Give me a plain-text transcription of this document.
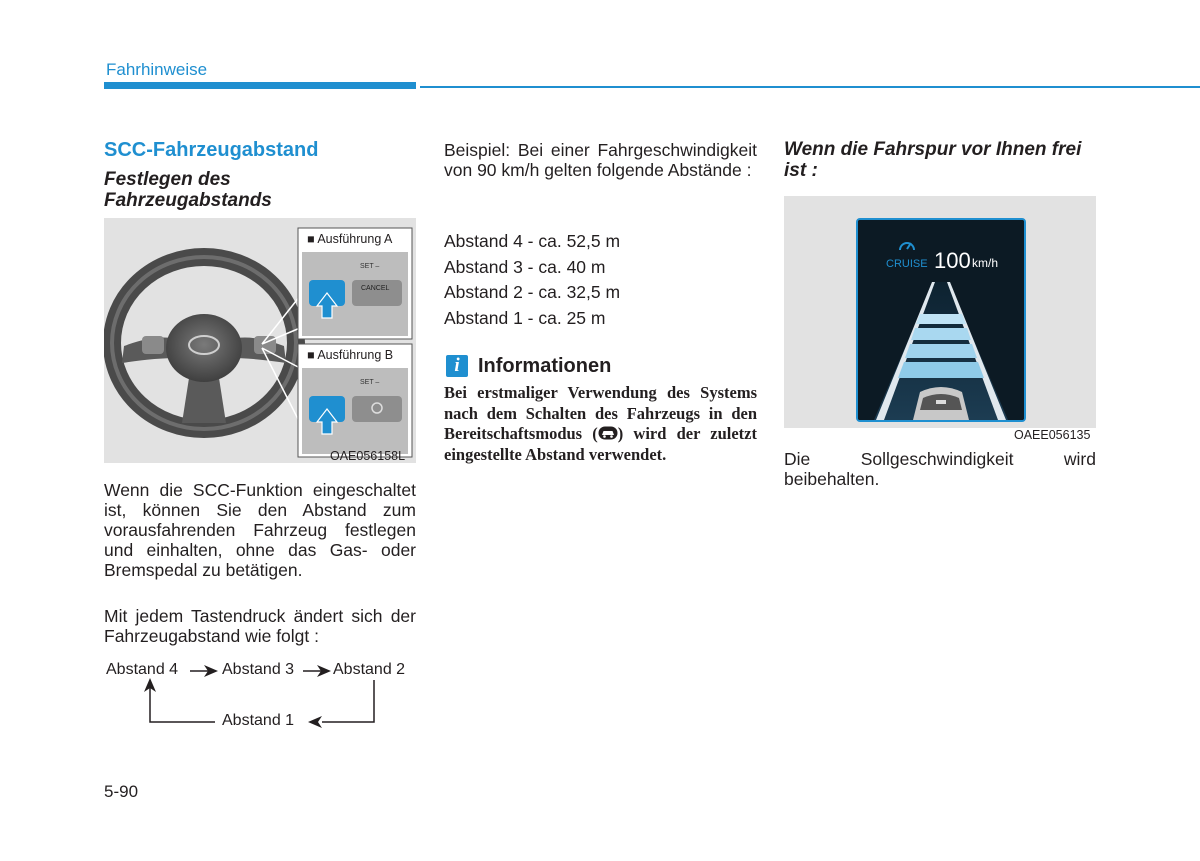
Fahrhinweise
SCC-Fahrzeugabstand
Festlegen des Fahrzeugabstands
■ Ausführung A
SET –
CANCEL
■ Ausführung B
SET –
OAE056158L
Wenn die SCC-Funktion eingeschaltet ist, können Sie den Abstand zum vorausfahrenden Fahrzeug festlegen und einhalten, ohne das Gas- oder Bremspedal zu betätigen.
Mit jedem Tastendruck ändert sich der Fahrzeugabstand wie folgt :
Abstand 4	Abstand 3 Abstand 2
Abstand 1
Beispiel: Bei einer Fahrgeschwindigkeit von 90 km/h gelten folgende Abstände :

Abstand 4 - ca. 52,5 m

Abstand 3 - ca. 40 m

Abstand 2 - ca. 32,5 m

Abstand 1 - ca. 25 m

i Informationen
Bei erstmaliger Verwendung des Systems nach dem Schalten des Fahrzeugs in den Bereitschaftsmodus ( ) wird der zuletzt eingestellte Abstand verwendet.
Wenn die Fahrspur vor Ihnen frei ist :
CRUISE 100 km/h
OAEE056135
Die Sollgeschwindigkeit wird beibehalten.
5-90
